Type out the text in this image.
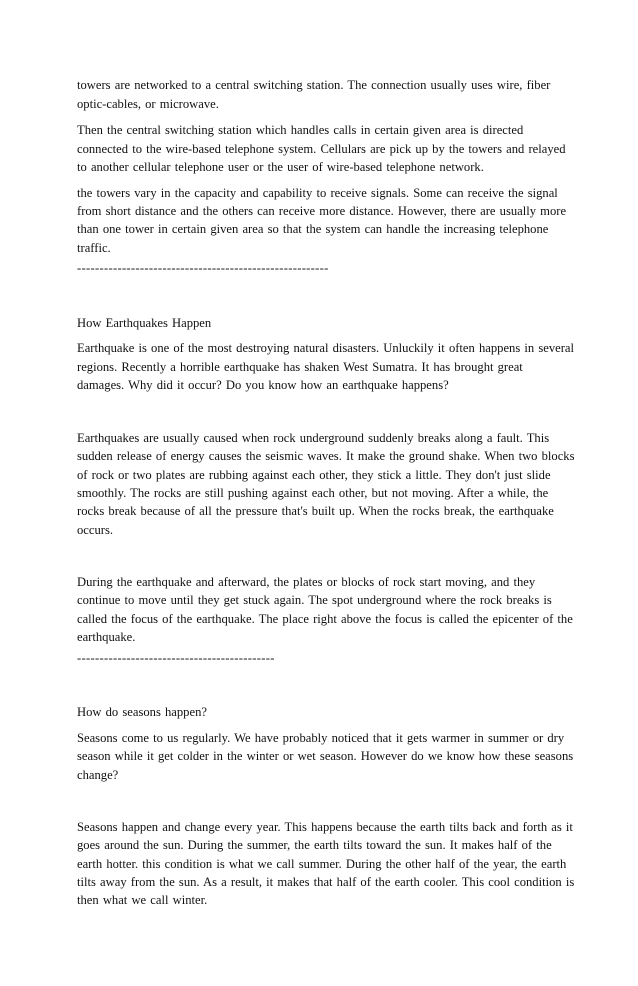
towers are networked to a central switching station. The connection usually uses wire, fiber
optic-cables, or microwave.
Then the central switching station which handles calls in certain given area is directed
connected to the wire-based telephone system. Cellulars are pick up by the towers and relayed
to another cellular telephone user or the user of wire-based telephone network.
the towers vary in the capacity and capability to receive signals. Some can receive the signal
from short distance and the others can receive more distance. However, there are usually more
than one tower in certain given area so that the system can handle the increasing telephone
traffic.
--------------------------------------------------------
How Earthquakes Happen
Earthquake is one of the most destroying natural disasters. Unluckily it often happens in several
regions. Recently a horrible earthquake has shaken West Sumatra. It has brought great
damages. Why did it occur? Do you know how an earthquake happens?
Earthquakes are usually caused when rock underground suddenly breaks along a fault. This
sudden release of energy causes the seismic waves. It make the ground shake. When two blocks
of rock or two plates are rubbing against each other, they stick a little. They don't just slide
smoothly. The rocks are still pushing against each other, but not moving. After a while, the
rocks break because of all the pressure that's built up. When the rocks break, the earthquake
occurs.
During the earthquake and afterward, the plates or blocks of rock start moving, and they
continue to move until they get stuck again. The spot underground where the rock breaks is
called the focus of the earthquake. The place right above the focus is called the epicenter of the
earthquake.
--------------------------------------------
How do seasons happen?
Seasons come to us regularly. We have probably noticed that it gets warmer in summer or dry
season while it get colder in the winter or wet season. However do we know how these seasons
change?
Seasons happen and change every year. This happens because the earth tilts back and forth as it
goes around the sun. During the summer, the earth tilts toward the sun. It makes half of the
earth hotter. this condition is what we call summer. During the other half of the year, the earth
tilts away from the sun. As a result, it makes that half of the earth cooler. This cool condition is
then what we call winter.
